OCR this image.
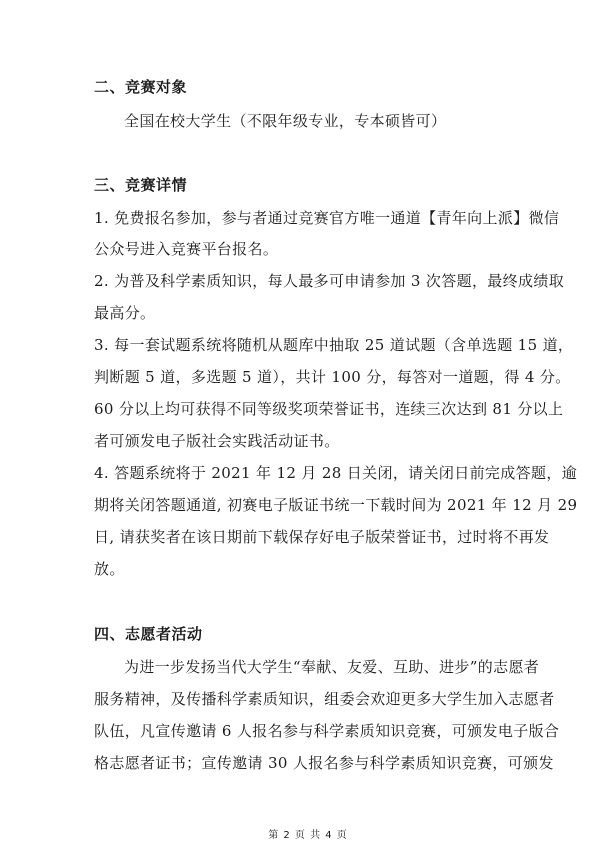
二、竞赛对象
全国在校大学生（不限年级专业，专本硕皆可）
三、竞赛详情
1. 免费报名参加，参与者通过竞赛官方唯一通道【青年向上派】微信
公众号进入竞赛平台报名。
2. 为普及科学素质知识，每人最多可申请参加 3 次答题，最终成绩取
最高分。
3. 每一套试题系统将随机从题库中抽取 25 道试题（含单选题 15 道，
判断题 5 道，多选题 5 道），共计 100 分，每答对一道题，得 4 分。
60 分以上均可获得不同等级奖项荣誉证书，连续三次达到 81 分以上
者可颁发电子版社会实践活动证书。
4. 答题系统将于 2021 年 12 月 28 日关闭，请关闭日前完成答题，逾
期将关闭答题通道, 初赛电子版证书统一下载时间为 2021 年 12 月 29
日, 请获奖者在该日期前下载保存好电子版荣誉证书，过时将不再发
放。
四、志愿者活动
为进一步发扬当代大学生“奉献、友爱、互助、进步”的志愿者
服务精神，及传播科学素质知识，组委会欢迎更多大学生加入志愿者
队伍，凡宣传邀请 6 人报名参与科学素质知识竞赛，可颁发电子版合
格志愿者证书；宣传邀请 30 人报名参与科学素质知识竞赛，可颁发
第 2 页 共 4 页
